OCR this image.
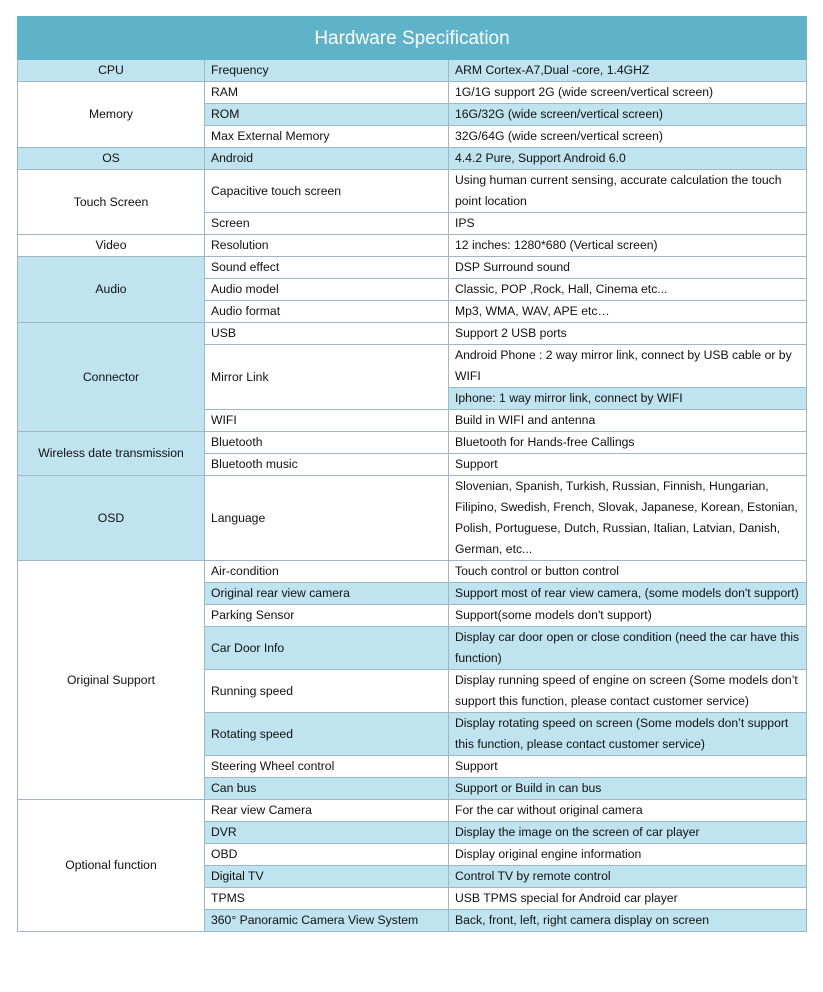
Hardware Specification		
CPU	Frequency	ARM Cortex-A7,Dual -core, 1.4GHZ
Memory	RAM	1G/1G support 2G (wide screen/vertical screen)
	ROM	16G/32G (wide screen/vertical screen)
	Max External Memory	32G/64G (wide screen/vertical screen)
OS	Android	4.4.2 Pure, Support Android 6.0
Touch Screen	Capacitive touch screen	Using human current sensing, accurate calculation the touch point location
	Screen	IPS
Video	Resolution	12 inches: 1280*680 (Vertical screen)
Audio	Sound effect	DSP Surround sound
	Audio model	Classic, POP ,Rock, Hall, Cinema etc...
	Audio format	Mp3, WMA, WAV, APE etc…
Connector	USB	Support 2 USB ports
	Mirror Link	Android Phone : 2 way mirror link, connect by USB cable or by WIFI
		Iphone: 1 way mirror link, connect by WIFI
	WIFI	Build in WIFI and antenna
Wireless date transmission	Bluetooth	Bluetooth for Hands-free Callings
	Bluetooth music	Support
OSD	Language	Slovenian, Spanish, Turkish, Russian, Finnish, Hungarian, Filipino, Swedish, French, Slovak, Japanese, Korean, Estonian, Polish, Portuguese, Dutch, Russian, Italian, Latvian, Danish, German, etc...
Original Support	Air-condition	Touch control or button control
	Original rear view camera	Support most of rear view camera, (some models don't support)
	Parking Sensor	Support(some models don't support)
	Car Door Info	Display car door open or close condition (need the car have this function)
	Running speed	Display running speed of engine on screen (Some models don’t support this function, please contact customer service)
	Rotating speed	Display rotating speed on screen (Some models don’t support this function, please contact customer service)
	Steering Wheel control	Support
	Can bus	Support or Build in can bus
Optional function	Rear view Camera	For the car without original camera
	DVR	Display the image on the screen of car player
	OBD	Display original engine information
	Digital TV	Control TV by remote control
	TPMS	USB TPMS special for Android car player
	360° Panoramic Camera View System	Back, front, left, right camera display on screen
